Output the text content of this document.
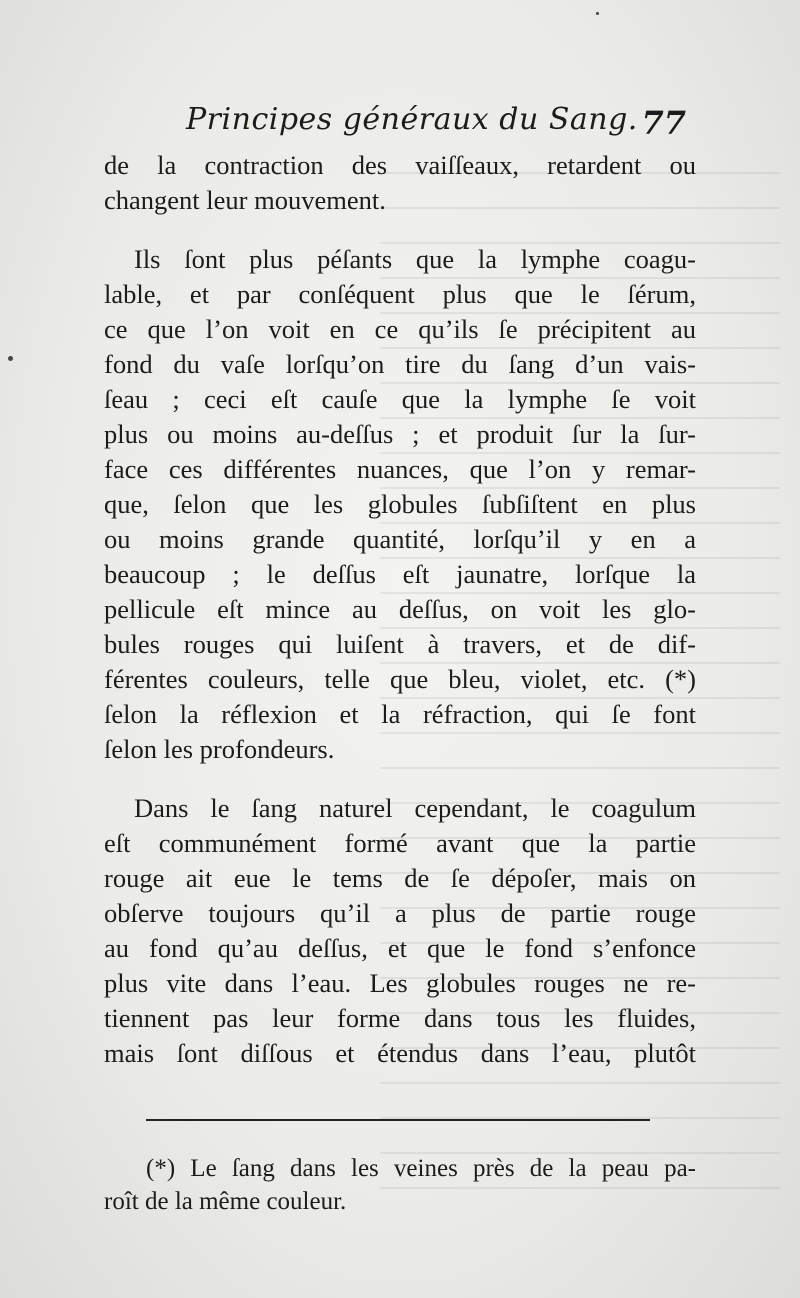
Principes généraux du Sang. 77
de la contraction des vaiſſeaux, retardent ou
changent leur mouvement.
Ils ſont plus péſants que la lymphe coagu-
lable, et par conſéquent plus que le ſérum,
ce que l’on voit en ce qu’ils ſe précipitent au
fond du vaſe lorſqu’on tire du ſang d’un vais-
ſeau ; ceci eſt cauſe que la lymphe ſe voit
plus ou moins au-deſſus ; et produit ſur la ſur-
face ces différentes nuances, que l’on y remar-
que, ſelon que les globules ſubſiſtent en plus
ou moins grande quantité, lorſqu’il y en a
beaucoup ; le deſſus eſt jaunatre, lorſque la
pellicule eſt mince au deſſus, on voit les glo-
bules rouges qui luiſent à travers, et de dif-
férentes couleurs, telle que bleu, violet, etc. (*)
ſelon la réflexion et la réfraction, qui ſe font
ſelon les profondeurs.
Dans le ſang naturel cependant, le coagulum
eſt communément formé avant que la partie
rouge ait eue le tems de ſe dépoſer, mais on
obſerve toujours qu’il a plus de partie rouge
au fond qu’au deſſus, et que le fond s’enfonce
plus vite dans l’eau. Les globules rouges ne re-
tiennent pas leur forme dans tous les fluides,
mais ſont diſſous et étendus dans l’eau, plutôt
(*) Le ſang dans les veines près de la peau pa-
roît de la même couleur.
